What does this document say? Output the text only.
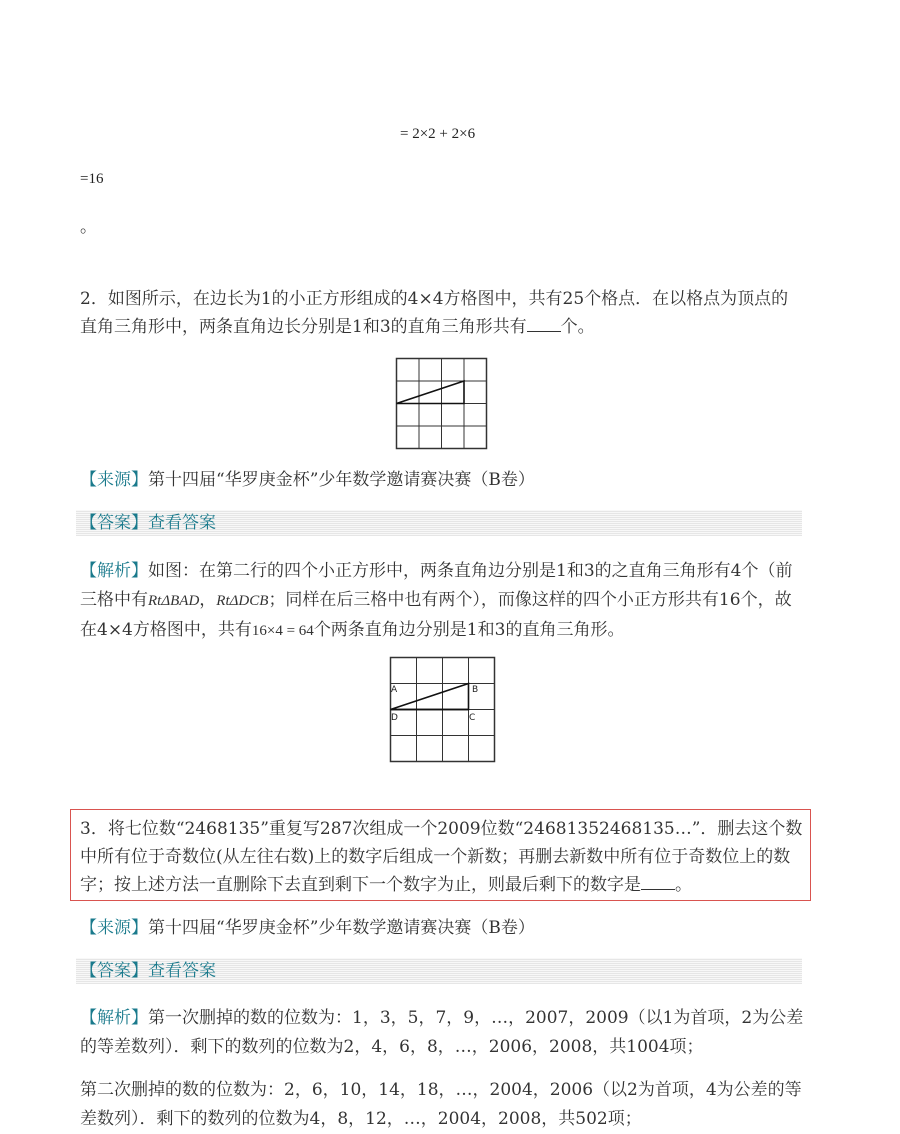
= 2×2 + 2×6
=16
。
2．如图所示，在边长为1的小正方形组成的4×4方格图中，共有25个格点．在以格点为顶点的直角三角形中，两条直角边长分别是1和3的直角三角形共有 个。
【来源】第十四届“华罗庚金杯”少年数学邀请赛决赛（B卷）
【答案】查看答案
【解析】如图：在第二行的四个小正方形中，两条直角边分别是1和3的之直角三角形有4个（前三格中有RtΔBAD，RtΔDCB；同样在后三格中也有两个），而像这样的四个小正方形共有16个，故在4×4方格图中，共有16×4 = 64个两条直角边分别是1和3的直角三角形。
A	B
D	C
3．将七位数“2468135”重复写287次组成一个2009位数“24681352468135…”．删去这个数中所有位于奇数位(从左往右数)上的数字后组成一个新数；再删去新数中所有位于奇数位上的数字；按上述方法一直删除下去直到剩下一个数字为止，则最后剩下的数字是 。
【来源】第十四届“华罗庚金杯”少年数学邀请赛决赛（B卷）
【答案】查看答案
【解析】第一次删掉的数的位数为：1，3，5，7，9，…，2007，2009（以1为首项，2为公差的等差数列）．剩下的数列的位数为2，4，6，8，…，2006，2008，共1004项；
第二次删掉的数的位数为：2，6，10，14，18，…，2004，2006（以2为首项，4为公差的等差数列）．剩下的数列的位数为4，8，12，…，2004，2008，共502项；
